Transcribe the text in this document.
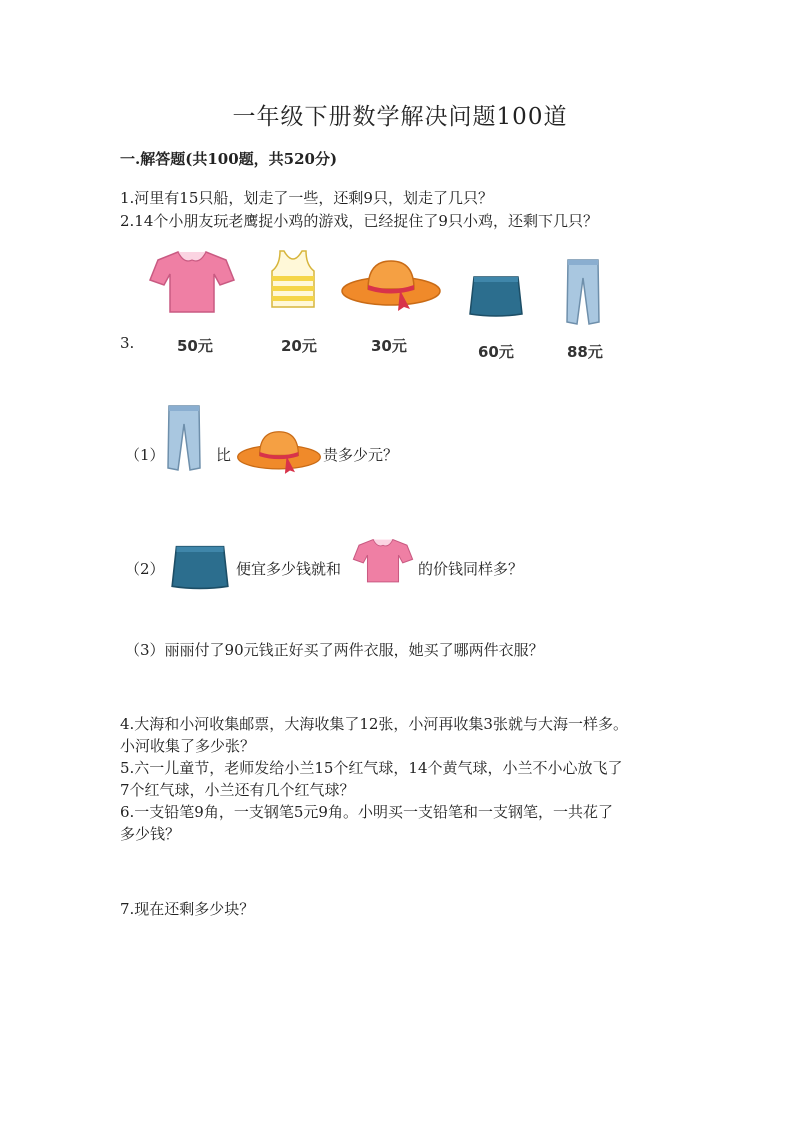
一年级下册数学解决问题100道
一.解答题(共100题，共520分)
1.河里有15只船，划走了一些，还剩9只，划走了几只？
2.14个小朋友玩老鹰捉小鸡的游戏，已经捉住了9只小鸡，还剩下几只？
3.	50元	20元	30元	60元	88元
（1）	比	贵多少元？
（2）	便宜多少钱就和	的价钱同样多？
（3）丽丽付了90元钱正好买了两件衣服，她买了哪两件衣服？
4.大海和小河收集邮票，大海收集了12张，小河再收集3张就与大海一样多。
小河收集了多少张？
5.六一儿童节，老师发给小兰15个红气球，14个黄气球，小兰不小心放飞了
7个红气球，小兰还有几个红气球？
6.一支铅笔9角，一支钢笔5元9角。小明买一支铅笔和一支钢笔，一共花了
多少钱？
7.现在还剩多少块？
